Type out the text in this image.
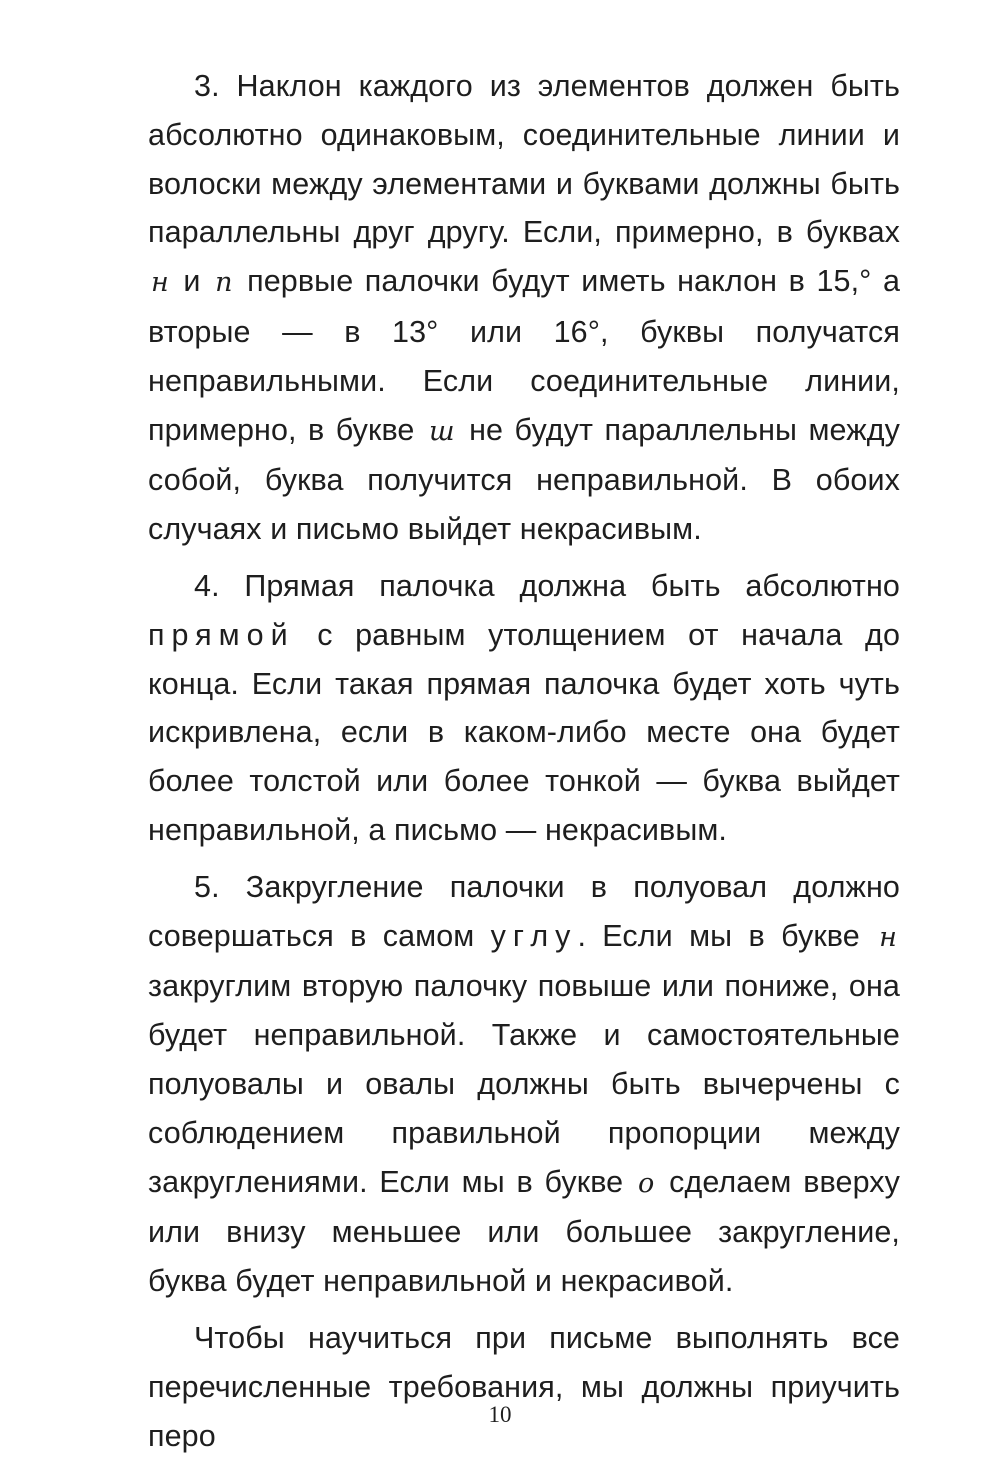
3. Наклон каждого из элементов должен быть абсолютно одинаковым, соединительные линии и волоски между элементами и буквами должны быть параллельны друг другу. Если, примерно, в буквах н и п первые палочки будут иметь наклон в 15,° а вторые — в 13° или 16°, буквы получатся неправильными. Если соединительные линии, примерно, в букве ш не будут параллельны между собой, буква получится неправильной. В обоих случаях и письмо выйдет некрасивым.

4. Прямая палочка должна быть абсолютно прямой с равным утолщением от начала до конца. Если такая прямая палочка будет хоть чуть искривлена, если в каком-либо месте она будет более толстой или более тонкой — буква выйдет неправильной, а письмо — некрасивым.

5. Закругление палочки в полуовал должно совершаться в самом углу. Если мы в букве н закруглим вторую палочку повыше или пониже, она будет неправильной. Также и самостоятельные полуовалы и овалы должны быть вычерчены с соблюдением правильной пропорции между закруглениями. Если мы в букве о сделаем вверху или внизу меньшее или большее закругление, буква будет неправильной и некрасивой.

Чтобы научиться при письме выполнять все перечисленные требования, мы должны приучить перо

10
